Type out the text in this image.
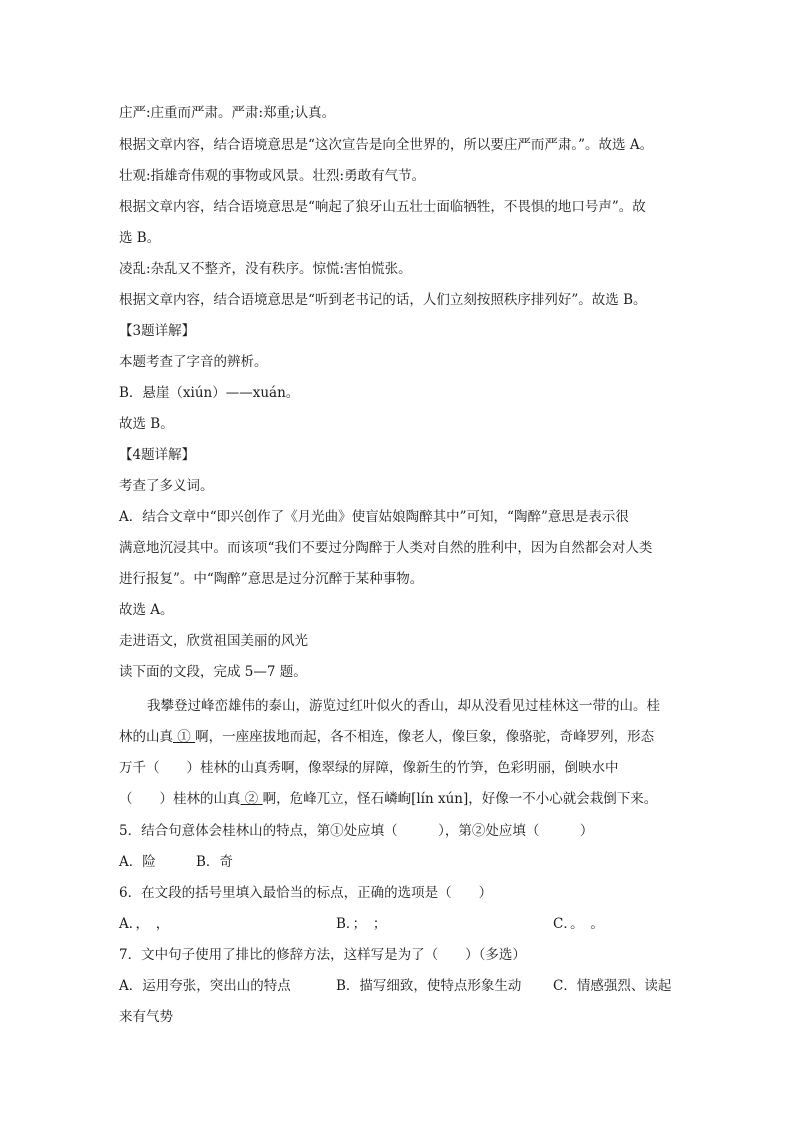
庄严:庄重而严肃。严肃:郑重;认真。
根据文章内容，结合语境意思是“这次宣告是向全世界的，所以要庄严而严肃。”。故选 A。
壮观:指雄奇伟观的事物或风景。壮烈:勇敢有气节。
根据文章内容，结合语境意思是“响起了狼牙山五壮士面临牺牲，不畏惧的地口号声”。故
选 B。
凌乱:杂乱又不整齐，没有秩序。惊慌:害怕慌张。
根据文章内容，结合语境意思是“听到老书记的话，人们立刻按照秩序排列好”。故选 B。
【3题详解】
本题考查了字音的辨析。
B．悬崖（xiún）——xuán。
故选 B。
【4题详解】
考查了多义词。
A．结合文章中“即兴创作了《月光曲》使盲姑娘陶醉其中”可知，“陶醉”意思是表示很
满意地沉浸其中。而该项“我们不要过分陶醉于人类对自然的胜利中，因为自然都会对人类
进行报复”。中“陶醉”意思是过分沉醉于某种事物。
故选 A。
走进语文，欣赏祖国美丽的风光
读下面的文段，完成 5—7 题。
我攀登过峰峦雄伟的泰山，游览过红叶似火的香山，却从没看见过桂林这一带的山。桂
林的山真 ① 啊，一座座拔地而起，各不相连，像老人，像巨象，像骆驼，奇峰罗列，形态
万千（　　）桂林的山真秀啊，像翠绿的屏障，像新生的竹笋，色彩明丽，倒映水中
（　　）桂林的山真 ② 啊，危峰兀立，怪石嶙峋[lín xún]，好像一不小心就会栽倒下来。
5．结合句意体会桂林山的特点，第①处应填（　　　），第②处应填（　　　）
A．险	B．奇
6．在文段的括号里填入最恰当的标点，正确的选项是（　　）
A．，　，	B．；　；	C．。　。
7．文中句子使用了排比的修辞方法，这样写是为了（　　）（多选）
A．运用夸张，突出山的特点	B．描写细致，使特点形象生动 C．情感强烈、读起
来有气势
